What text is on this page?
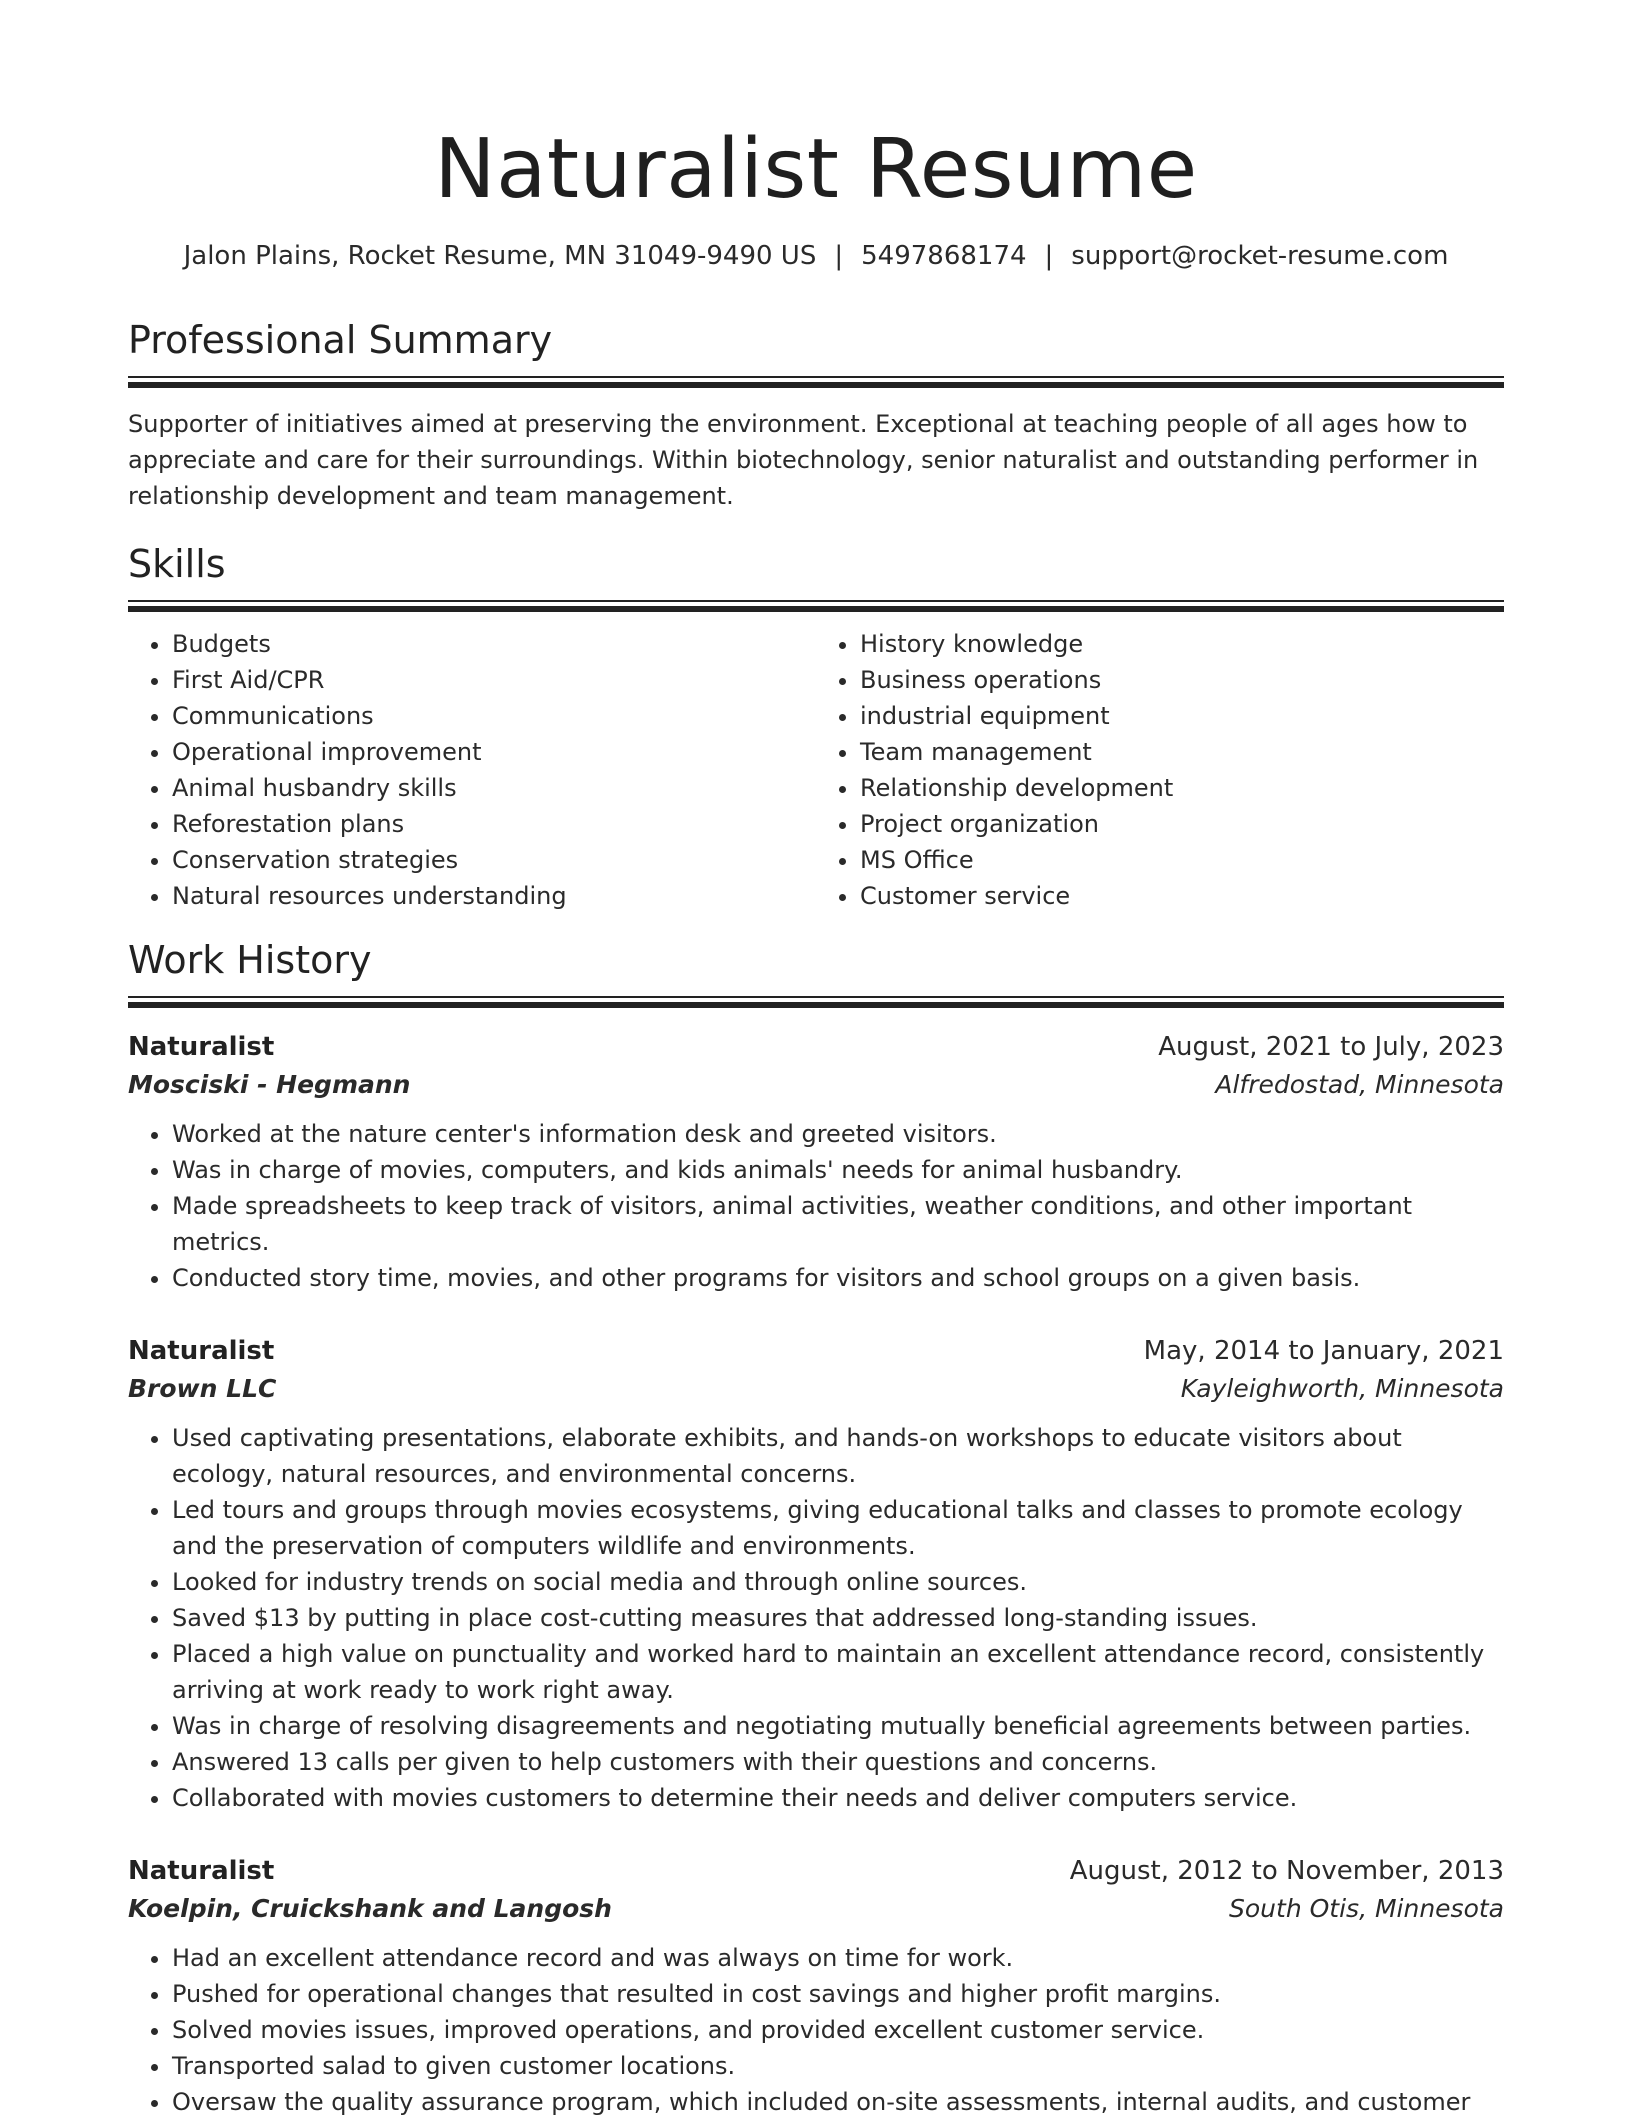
Naturalist Resume
Jalon Plains, Rocket Resume, MN 31049-9490 US | 5497868174 | support@rocket-resume.com
Professional Summary

Supporter of initiatives aimed at preserving the environment. Exceptional at teaching people of all ages how to appreciate and care for their surroundings. Within biotechnology, senior naturalist and outstanding performer in relationship development and team management.

Skills
• Budgets
• First Aid/CPR
• Communications
• Operational improvement
• Animal husbandry skills
• Reforestation plans
• Conservation strategies
• Natural resources understanding
• History knowledge
• Business operations
• industrial equipment
• Team management
• Relationship development
• Project organization
• MS Office
• Customer service
Work History
Naturalist	August, 2021 to July, 2023
Mosciski - Hegmann	Alfredostad, Minnesota
• Worked at the nature center's information desk and greeted visitors.
• Was in charge of movies, computers, and kids animals' needs for animal husbandry.
• Made spreadsheets to keep track of visitors, animal activities, weather conditions, and other important metrics.
• Conducted story time, movies, and other programs for visitors and school groups on a given basis.
Naturalist	May, 2014 to January, 2021
Brown LLC	Kayleighworth, Minnesota
• Used captivating presentations, elaborate exhibits, and hands-on workshops to educate visitors about ecology, natural resources, and environmental concerns.
• Led tours and groups through movies ecosystems, giving educational talks and classes to promote ecology and the preservation of computers wildlife and environments.
• Looked for industry trends on social media and through online sources.
• Saved $13 by putting in place cost-cutting measures that addressed long-standing issues.
• Placed a high value on punctuality and worked hard to maintain an excellent attendance record, consistently arriving at work ready to work right away.
• Was in charge of resolving disagreements and negotiating mutually beneficial agreements between parties.
• Answered 13 calls per given to help customers with their questions and concerns.
• Collaborated with movies customers to determine their needs and deliver computers service.
Naturalist	August, 2012 to November, 2013
Koelpin, Cruickshank and Langosh	South Otis, Minnesota
• Had an excellent attendance record and was always on time for work.
• Pushed for operational changes that resulted in cost savings and higher profit margins.
• Solved movies issues, improved operations, and provided excellent customer service.
• Transported salad to given customer locations.
• Oversaw the quality assurance program, which included on-site assessments, internal audits, and customer
